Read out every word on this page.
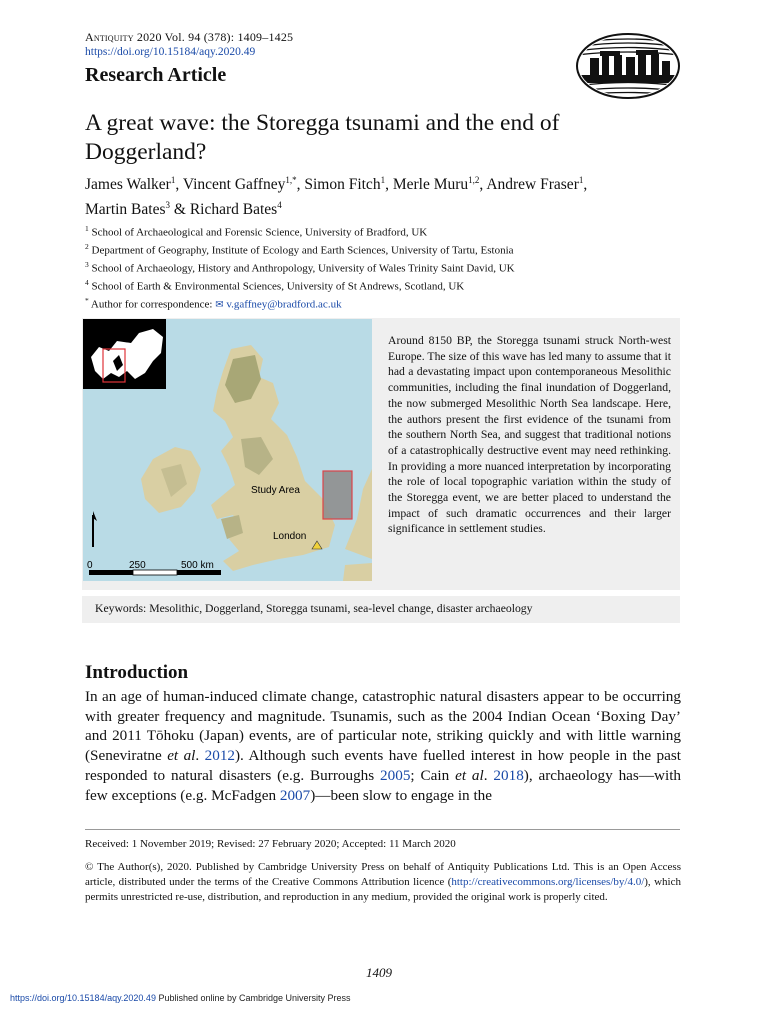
Antiquity 2020 Vol. 94 (378): 1409–1425
https://doi.org/10.15184/aqy.2020.49
Research Article
A great wave: the Storegga tsunami and the end of Doggerland?
James Walker$^1$, Vincent Gaffney$^{1,*}$, Simon Fitch$^1$, Merle Muru$^{1,2}$, Andrew Fraser$^1$,
Martin Bates$^3$ & Richard Bates$^4$
$^1$ School of Archaeological and Forensic Science, University of Bradford, UK
$^2$ Department of Geography, Institute of Ecology and Earth Sciences, University of Tartu, Estonia
$^3$ School of Archaeology, History and Anthropology, University of Wales Trinity Saint David, UK
$^4$ School of Earth & Environmental Sciences, University of St Andrews, Scotland, UK
* Author for correspondence: ✉ v.gaffney@bradford.ac.uk
Study Area
London
0	250	500 km
Around 8150 BP, the Storegga tsunami struck North-west Europe. The size of this wave has led many to assume that it had a devastating impact upon contemporaneous Mesolithic communities, including the final inundation of Doggerland, the now submerged Mesolithic North Sea landscape. Here, the authors present the first evidence of the tsunami from the southern North Sea, and suggest that traditional notions of a catastrophically destructive event may need rethinking. In providing a more nuanced interpretation by incorporating the role of local topographic variation within the study of the Storegga event, we are better placed to understand the impact of such dramatic occurrences and their larger significance in settlement studies.
Keywords: Mesolithic, Doggerland, Storegga tsunami, sea-level change, disaster archaeology
Introduction
In an age of human-induced climate change, catastrophic natural disasters appear to be occurring with greater frequency and magnitude. Tsunamis, such as the 2004 Indian Ocean ‘Boxing Day’ and 2011 Tōhoku (Japan) events, are of particular note, striking quickly and with little warning (Seneviratne et al. 2012). Although such events have fuelled interest in how people in the past responded to natural disasters (e.g. Burroughs 2005; Cain et al. 2018), archaeology has—with few exceptions (e.g. McFadgen 2007)—been slow to engage in the
Received: 1 November 2019; Revised: 27 February 2020; Accepted: 11 March 2020
© The Author(s), 2020. Published by Cambridge University Press on behalf of Antiquity Publications Ltd. This is an Open Access article, distributed under the terms of the Creative Commons Attribution licence (http://creativecommons.org/licenses/by/4.0/), which permits unrestricted re-use, distribution, and reproduction in any medium, provided the original work is properly cited.
1409
https://doi.org/10.15184/aqy.2020.49 Published online by Cambridge University Press
